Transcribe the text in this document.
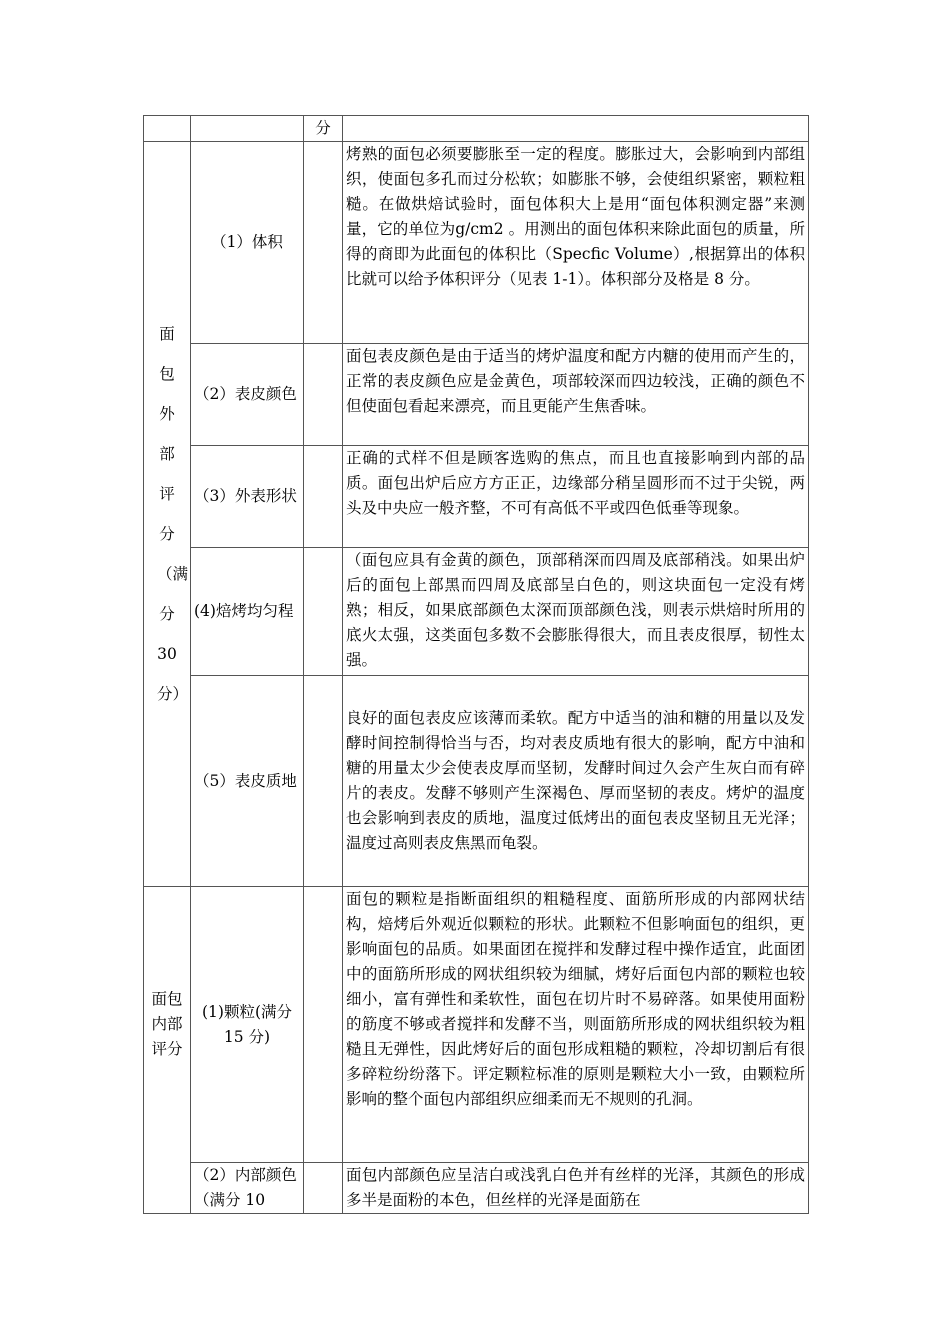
		分	
面包外部评分（满分30分）	（1）体积		烤熟的面包必须要膨胀至一定的程度。膨胀过大，会影响到内部组织，使面包多孔而过分松软；如膨胀不够，会使组织紧密，颗粒粗糙。在做烘焙试验时，面包体积大上是用“面包体积测定器”来测量，它的单位为g/cm2 。用测出的面包体积来除此面包的质量，所得的商即为此面包的体积比（Specfic Volume）,根据算出的体积比就可以给予体积评分（见表 1-1）。体积部分及格是 8 分。
	（2）表皮颜色		面包表皮颜色是由于适当的烤炉温度和配方内糖的使用而产生的，正常的表皮颜色应是金黄色，项部较深而四边较浅，正确的颜色不但使面包看起来漂亮，而且更能产生焦香味。
	（3）外表形状		正确的式样不但是顾客选购的焦点，而且也直接影响到内部的品质。面包出炉后应方方正正，边缘部分稍呈圆形而不过于尖锐，两头及中央应一般齐整，不可有高低不平或四色低垂等现象。
	(4)焙烤均匀程		（面包应具有金黄的颜色，顶部稍深而四周及底部稍浅。如果出炉后的面包上部黑而四周及底部呈白色的，则这块面包一定没有烤熟；相反，如果底部颜色太深而顶部颜色浅，则表示烘焙时所用的底火太强，这类面包多数不会膨胀得很大，而且表皮很厚，韧性太强。
	（5）表皮质地		良好的面包表皮应该薄而柔软。配方中适当的油和糖的用量以及发酵时间控制得恰当与否，均对表皮质地有很大的影响，配方中油和糖的用量太少会使表皮厚而坚韧，发酵时间过久会产生灰白而有碎片的表皮。发酵不够则产生深褐色、厚而坚韧的表皮。烤炉的温度也会影响到表皮的质地，温度过低烤出的面包表皮坚韧且无光泽；温度过高则表皮焦黑而龟裂。
面包内部评分	(1)颗粒(满分 15 分)		面包的颗粒是指断面组织的粗糙程度、面筋所形成的内部网状结构，焙烤后外观近似颗粒的形状。此颗粒不但影响面包的组织，更影响面包的品质。如果面团在搅拌和发酵过程中操作适宜，此面团中的面筋所形成的网状组织较为细腻，烤好后面包内部的颗粒也较细小，富有弹性和柔软性，面包在切片时不易碎落。如果使用面粉的筋度不够或者搅拌和发酵不当，则面筋所形成的网状组织较为粗糙且无弹性，因此烤好后的面包形成粗糙的颗粒，冷却切割后有很多碎粒纷纷落下。评定颗粒标准的原则是颗粒大小一致，由颗粒所影响的整个面包内部组织应细柔而无不规则的孔洞。
	（2）内部颜色（满分 10		面包内部颜色应呈洁白或浅乳白色并有丝样的光泽，其颜色的形成多半是面粉的本色，但丝样的光泽是面筋在
